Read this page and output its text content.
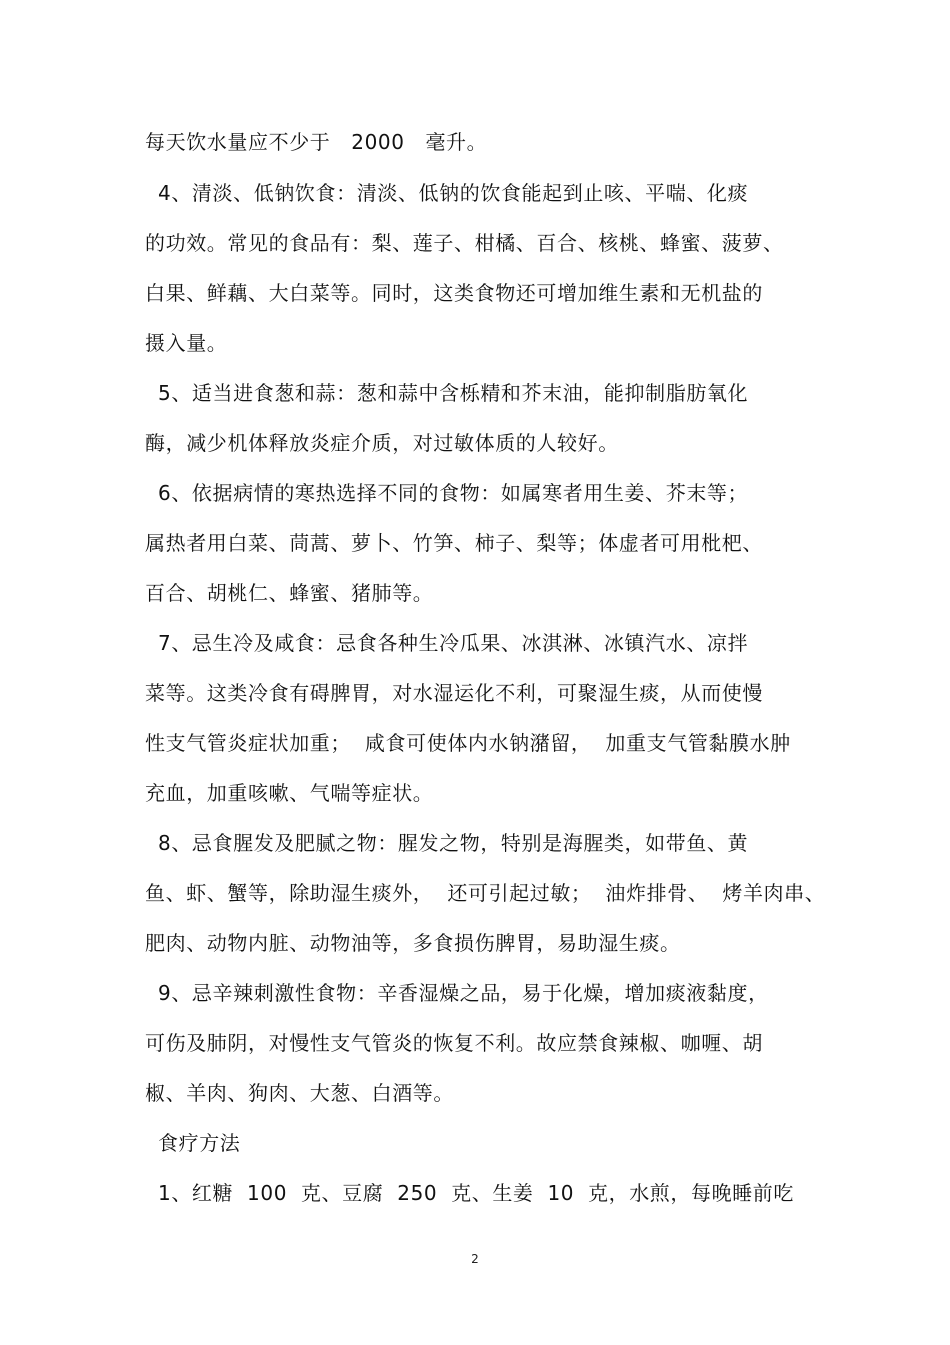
每天饮水量应不少于   2000   毫升。
4、清淡、低钠饮食：清淡、低钠的饮食能起到止咳、平喘、化痰
的功效。常见的食品有：梨、莲子、柑橘、百合、核桃、蜂蜜、菠萝、
白果、鲜藕、大白菜等。同时，这类食物还可增加维生素和无机盐的
摄入量。
5、适当进食葱和蒜：葱和蒜中含栎精和芥末油，能抑制脂肪氧化
酶，减少机体释放炎症介质，对过敏体质的人较好。
6、依据病情的寒热选择不同的食物：如属寒者用生姜、芥末等；
属热者用白菜、茼蒿、萝卜、竹笋、柿子、梨等；体虚者可用枇杷、
百合、胡桃仁、蜂蜜、猪肺等。
7、忌生冷及咸食：忌食各种生冷瓜果、冰淇淋、冰镇汽水、凉拌
菜等。这类冷食有碍脾胃，对水湿运化不利，可聚湿生痰，从而使慢
性支气管炎症状加重；  咸食可使体内水钠潴留，  加重支气管黏膜水肿
充血，加重咳嗽、气喘等症状。
8、忌食腥发及肥腻之物：腥发之物，特别是海腥类，如带鱼、黄
鱼、虾、蟹等，除助湿生痰外，  还可引起过敏；  油炸排骨、  烤羊肉串、
肥肉、动物内脏、动物油等，多食损伤脾胃，易助湿生痰。
9、忌辛辣刺激性食物：辛香湿燥之品，易于化燥，增加痰液黏度，
可伤及肺阴，对慢性支气管炎的恢复不利。故应禁食辣椒、咖喱、胡
椒、羊肉、狗肉、大葱、白酒等。
食疗方法
1、红糖  100  克、豆腐  250  克、生姜  10  克，水煎，每晚睡前吃
2
